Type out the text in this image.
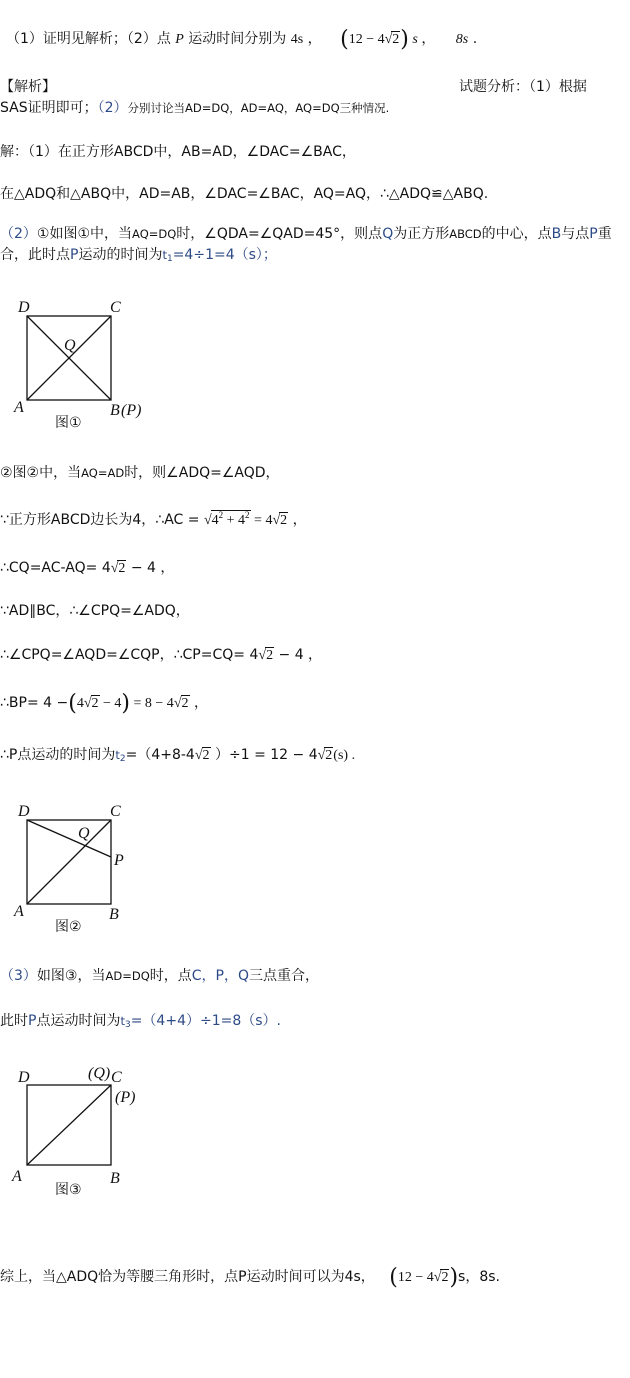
（1）证明见解析；（2）点 P 运动时间分别为 4s ， (12 − 4√2) s ， 8s .
【解析】	试题分析：（1）根据
SAS证明即可；（2）分别讨论当AD=DQ，AD=AQ，AQ=DQ三种情况.
解：（1）在正方形ABCD中，AB=AD，∠DAC=∠BAC，
在△ADQ和△ABQ中，AD=AB，∠DAC=∠BAC，AQ=AQ，∴△ADQ≌△ABQ.
（2）①如图①中，当AQ=DQ时，∠QDA=∠QAD=45°，则点Q为正方形ABCD的中心，点B与点P重
合，此时点P运动的时间为$t_1=4\div 1=4(s)$；
D	C
A	B (P)
Q
图①
②图②中，当AQ=AD时，则∠ADQ=∠AQD，
∵正方形ABCD边长为4，∴AC = $√4^2 + 4^2 = 4√2$ ，
∴CQ=AC-AQ= 4√2 − 4 ，
∵AD∥BC，∴∠CPQ=∠ADQ，
∴∠CPQ=∠AQD=∠CQP，∴CP=CQ= 4√2 − 4 ，
∴BP= 4 −(4√2 − 4) = 8 − 4√2 ，
∴P点运动的时间为$t_2=(4+8-4√2$ ）÷1 = 12 − 4√2(s) .
D	C
A	B
P
Q
图②
（3）如图③，当AD=DQ时，点C，P，Q三点重合，
此时P点运动时间为$t_3=(4+4)\div 1=8(s)$.
D	(Q) C
(P)
A	B
图③
综上，当△ADQ恰为等腰三角形时，点P运动时间可以为4s， (12 − 4√2)s，8s.
